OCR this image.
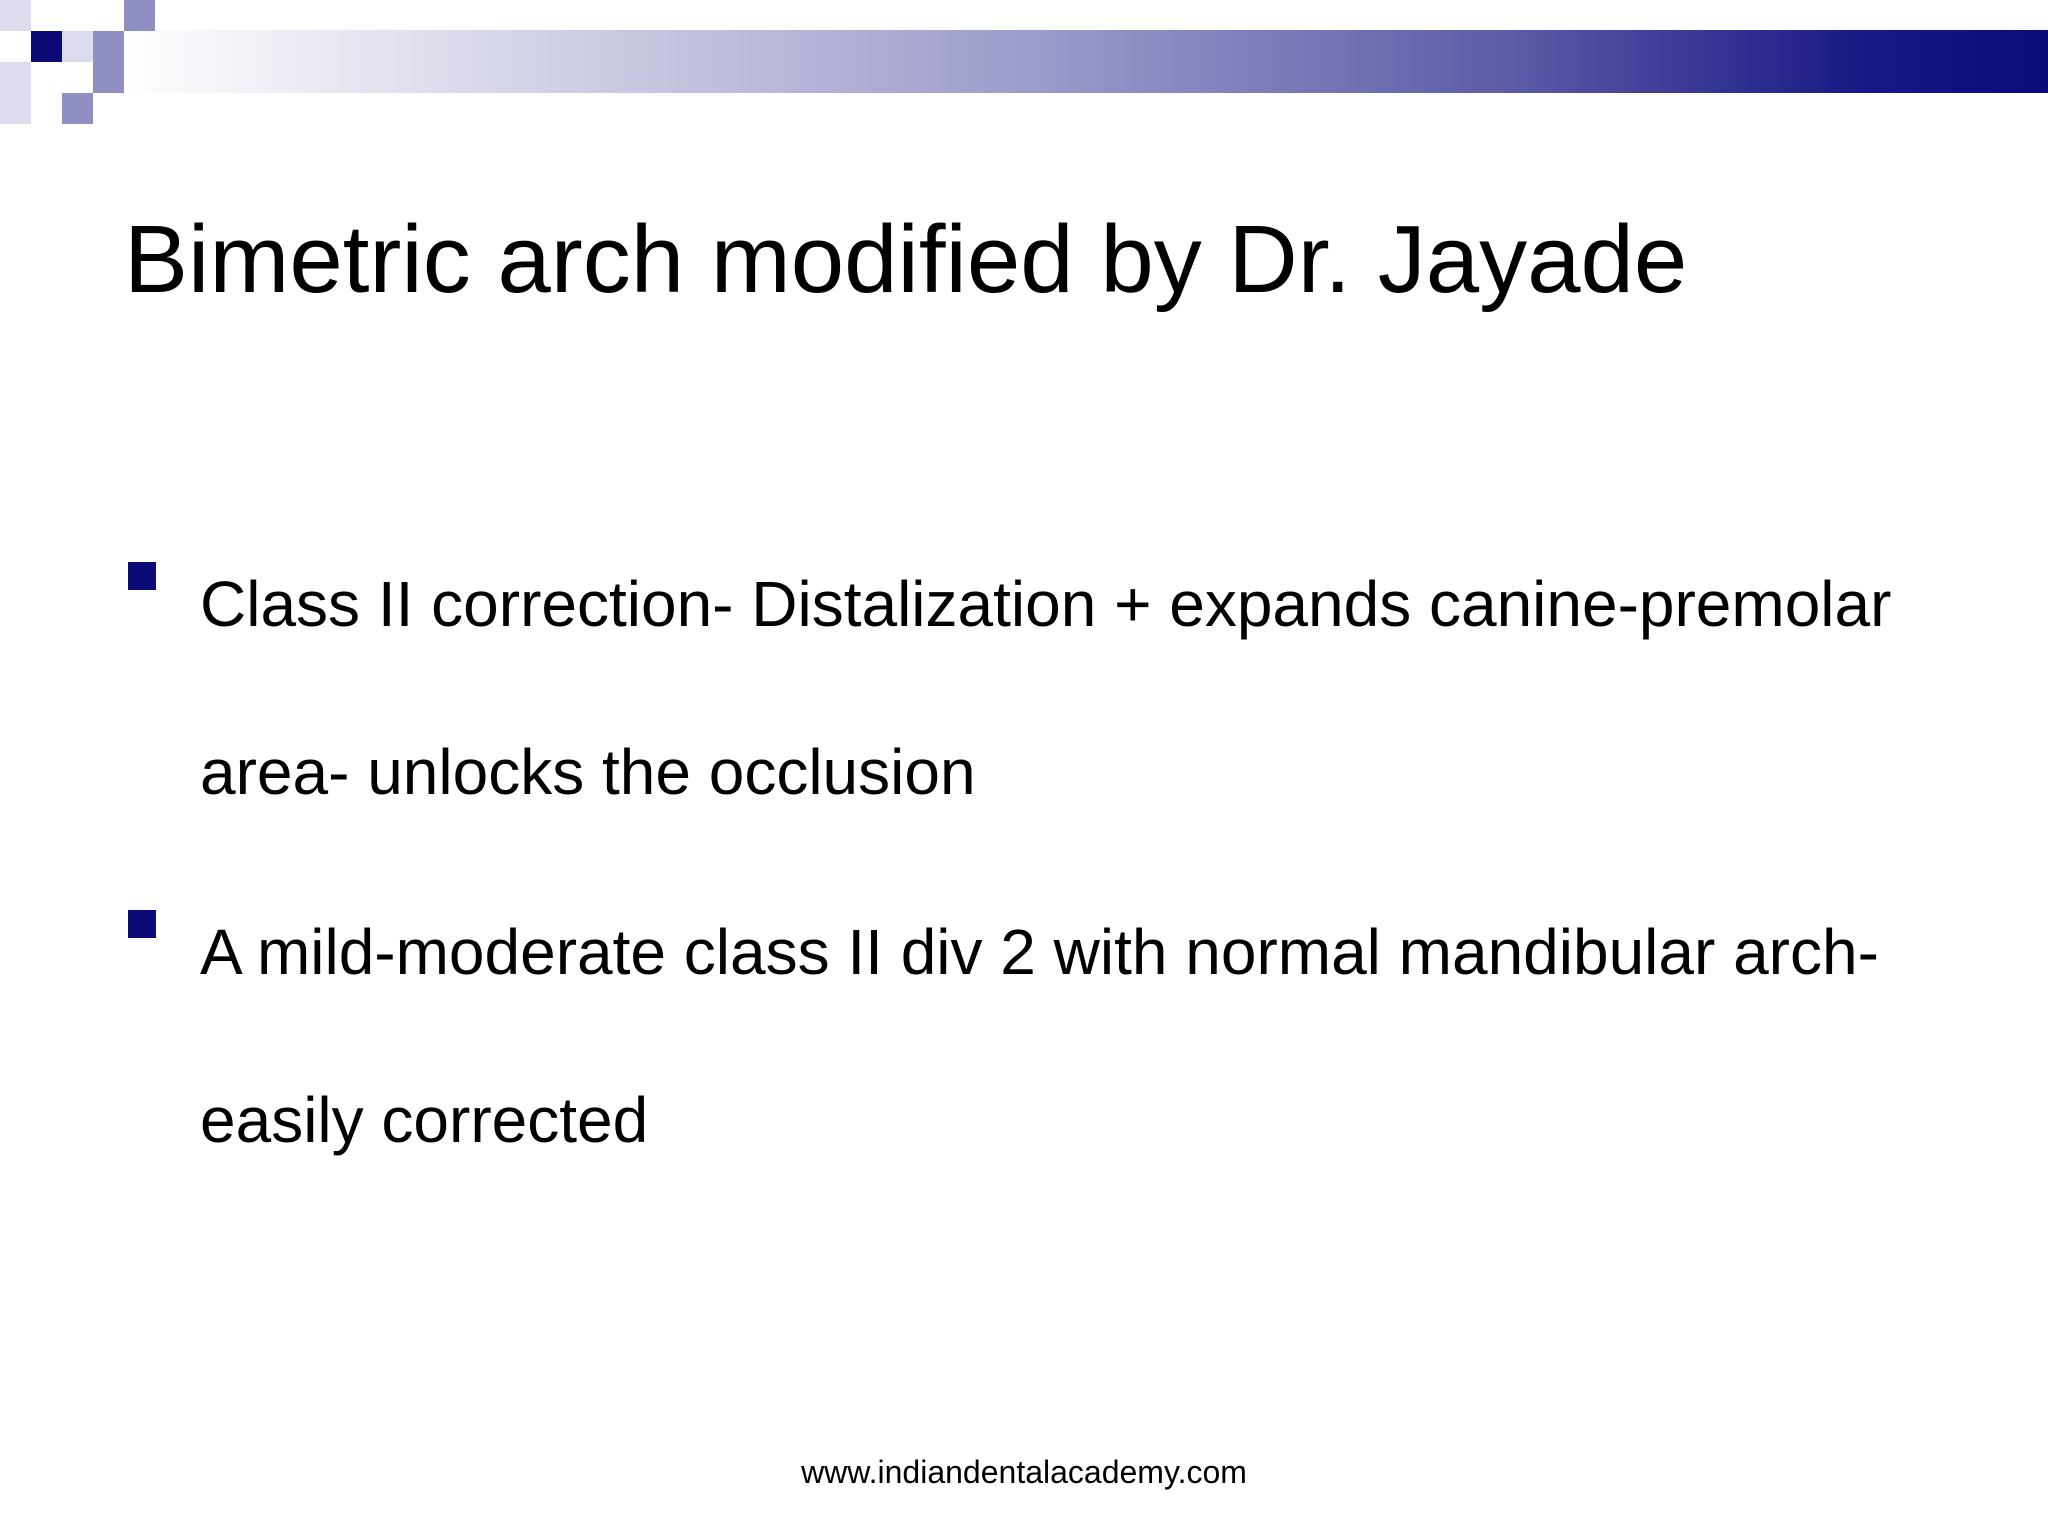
Bimetric arch modified by Dr. Jayade
Class II correction- Distalization + expands canine-premolar area- unlocks the occlusion
A mild-moderate class II div 2 with normal mandibular arch-easily corrected
www.indiandentalacademy.com
